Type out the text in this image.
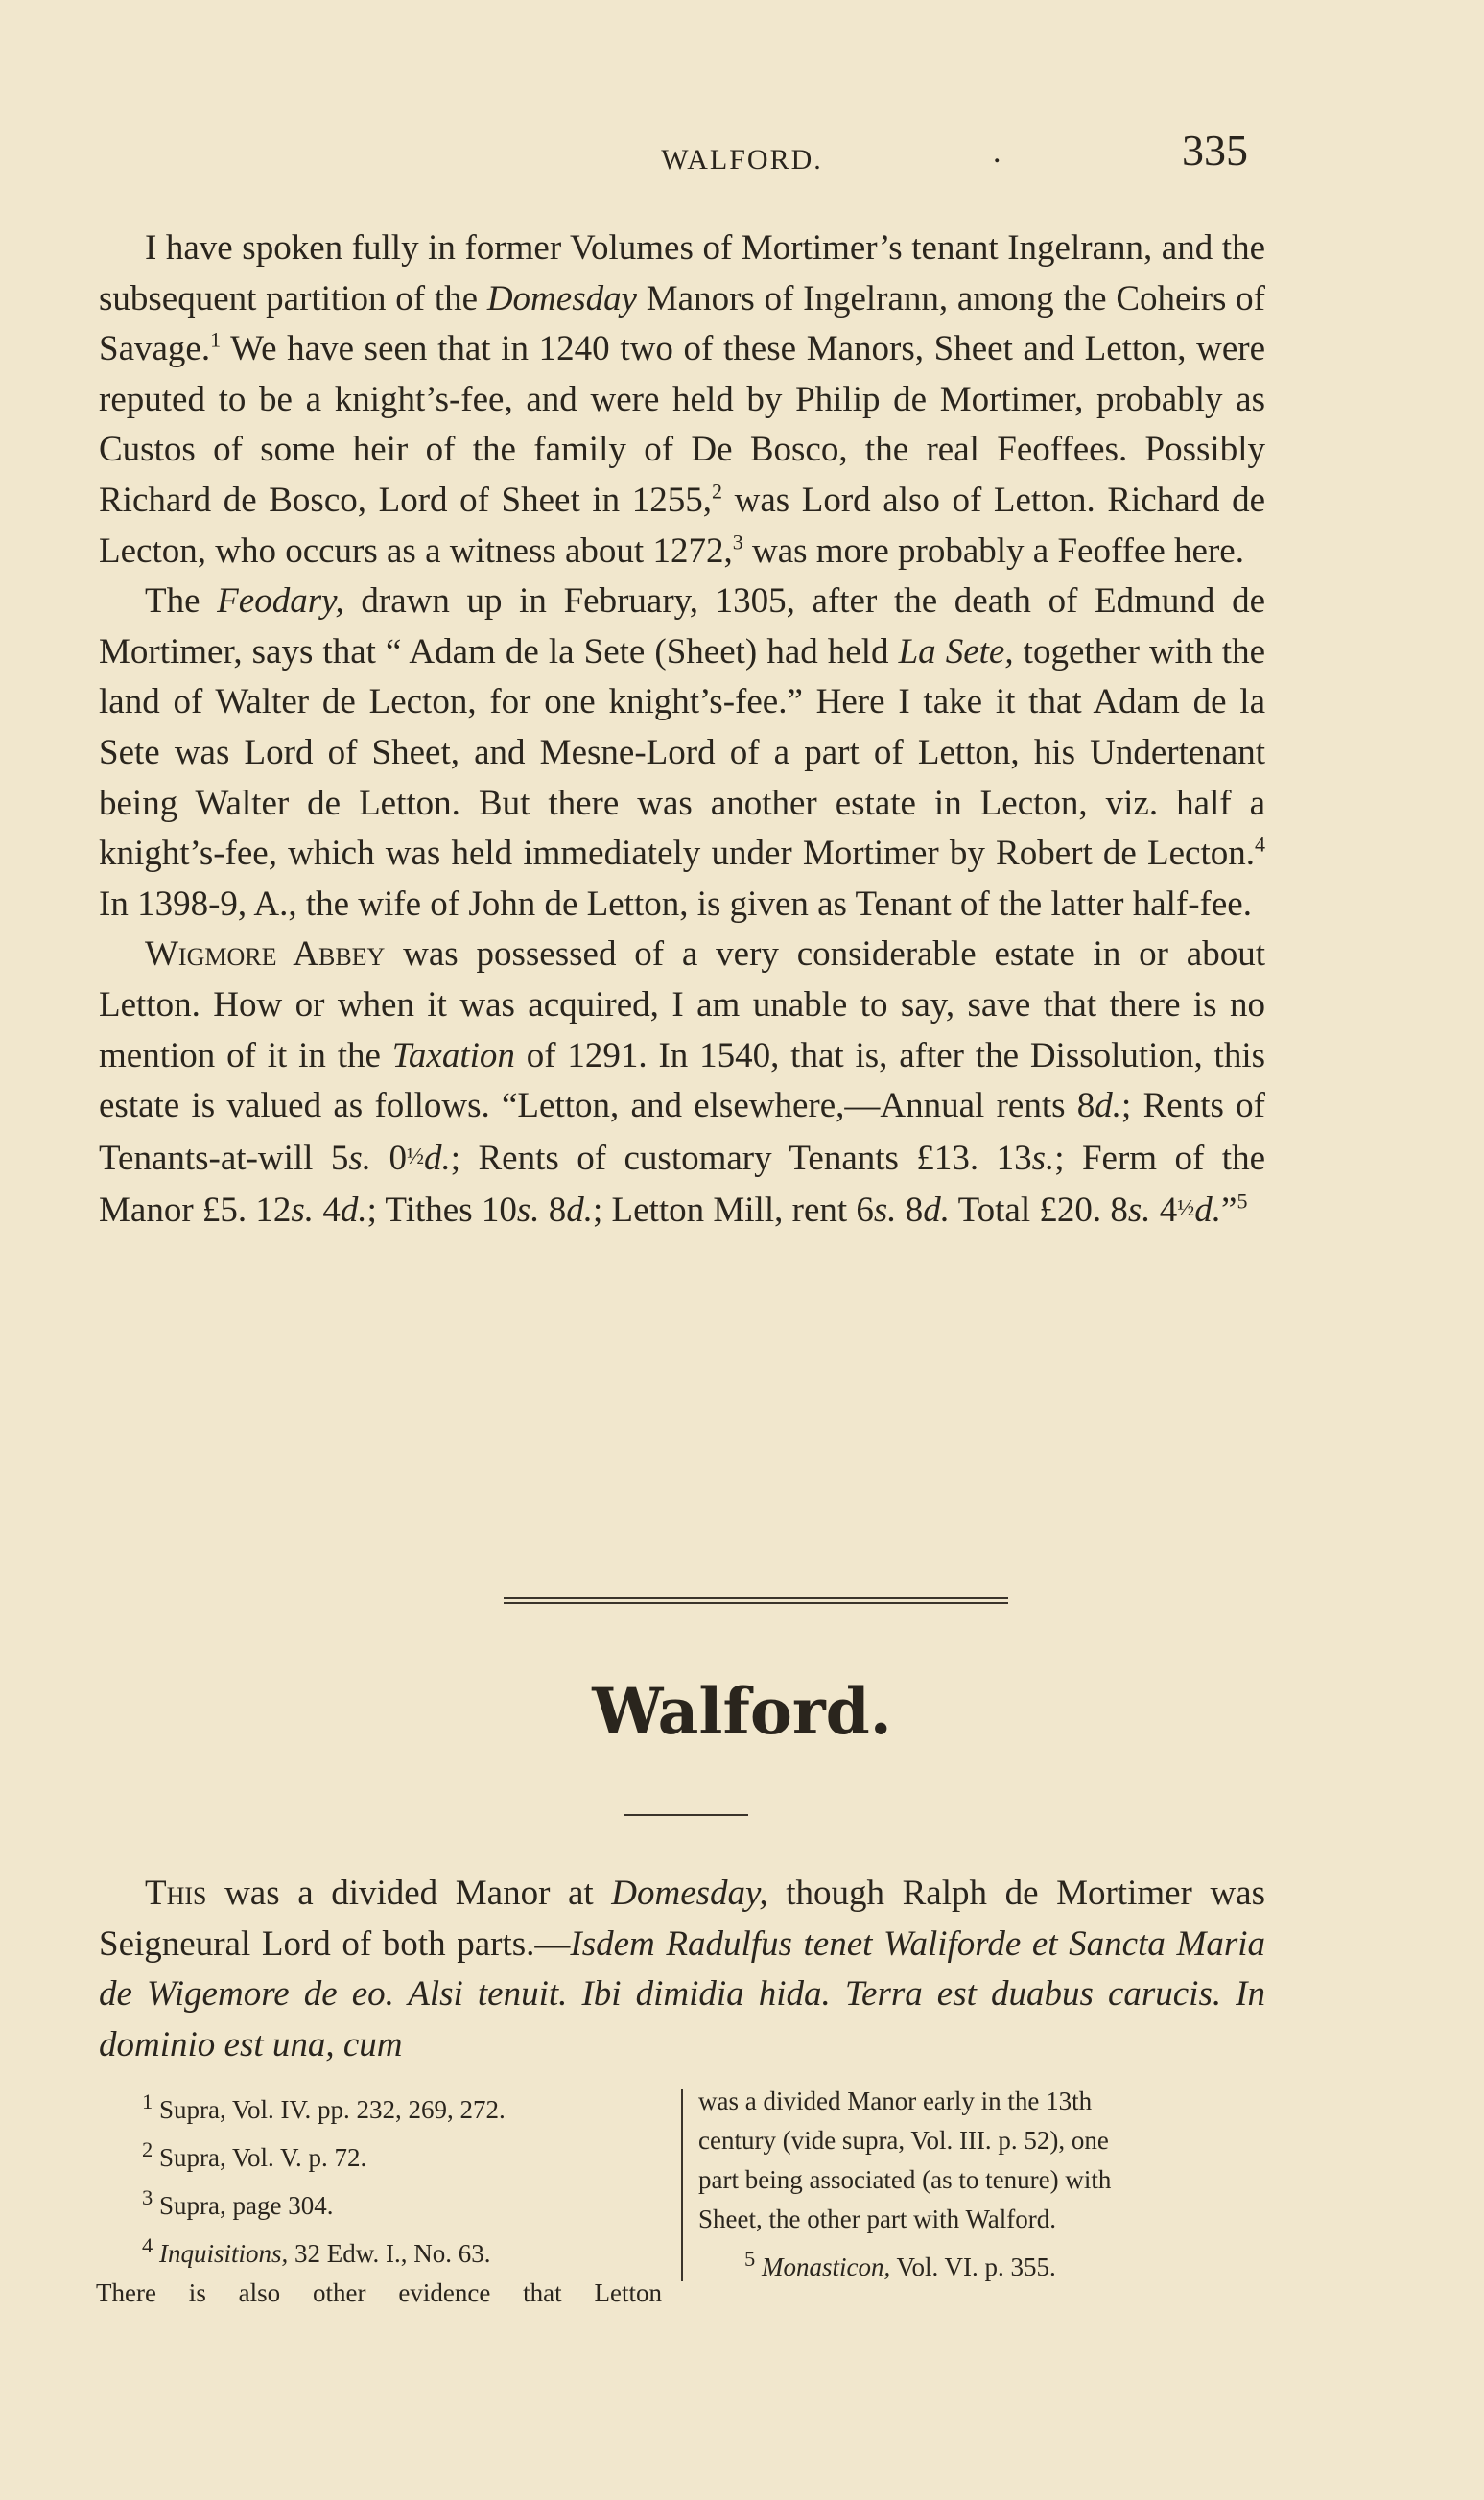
WALFORD.	.	335

I have spoken fully in former Volumes of Mortimer’s tenant Ingelrann, and the subsequent partition of the Domesday Manors of Ingelrann, among the Coheirs of Savage.$^1$ We have seen that in 1240 two of these Manors, Sheet and Letton, were reputed to be a knight’s-fee, and were held by Philip de Mortimer, probably as Custos of some heir of the family of De Bosco, the real Feoffees. Possibly Richard de Bosco, Lord of Sheet in 1255,$^2$ was Lord also of Letton. Richard de Lecton, who occurs as a witness about 1272,$^3$ was more probably a Feoffee here.

The Feodary, drawn up in February, 1305, after the death of Edmund de Mortimer, says that “ Adam de la Sete (Sheet) had held La Sete, together with the land of Walter de Lecton, for one knight’s-fee.” Here I take it that Adam de la Sete was Lord of Sheet, and Mesne-Lord of a part of Letton, his Undertenant being Walter de Letton. But there was another estate in Lecton, viz. half a knight’s-fee, which was held immediately under Mortimer by Robert de Lecton.$^4$ In 1398-9, A., the wife of John de Letton, is given as Tenant of the latter half-fee.

Wigmore Abbey was possessed of a very considerable estate in or about Letton. How or when it was acquired, I am unable to say, save that there is no mention of it in the Taxation of 1291. In 1540, that is, after the Dissolution, this estate is valued as follows. “Letton, and elsewhere,—Annual rents 8d.; Rents of Tenants-at-will 5s. 0½d.; Rents of customary Tenants £13. 13s.; Ferm of the Manor £5. 12s. 4d.; Tithes 10s. 8d.; Letton Mill, rent 6s. 8d. Total £20. 8s. 4½d.”$^5$

Walford.

This was a divided Manor at Domesday, though Ralph de Mortimer was Seigneural Lord of both parts.—Isdem Radulfus tenet Waliforde et Sancta Maria de Wigemore de eo. Alsi tenuit. Ibi dimidia hida. Terra est duabus carucis. In dominio est una, cum

$^1$ Supra, Vol. IV. pp. 232, 269, 272.

$^2$ Supra, Vol. V. p. 72.

$^3$ Supra, page 304.

$^4$ Inquisitions, 32 Edw. I., No. 63.

There is also other evidence that Letton

was a divided Manor early in the 13th

century (vide supra, Vol. III. p. 52), one

part being associated (as to tenure) with

Sheet, the other part with Walford.

$^5$ Monasticon, Vol. VI. p. 355.
